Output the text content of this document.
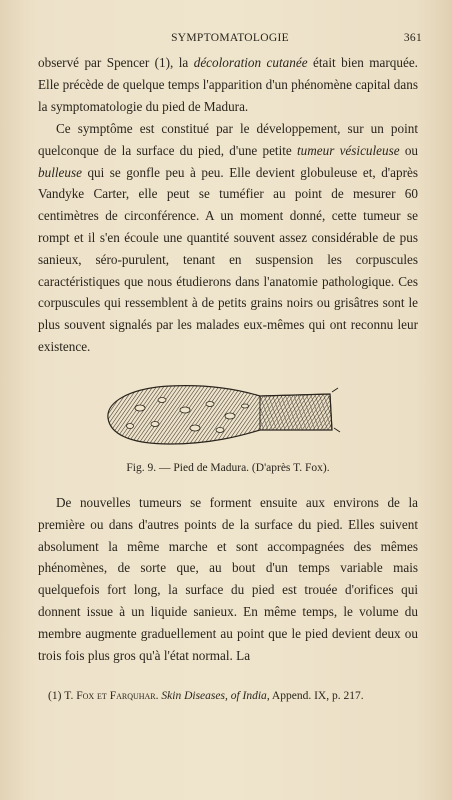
SYMPTOMATOLOGIE	361

observé par Spencer (1), la décoloration cutanée était bien marquée. Elle précède de quelque temps l'apparition d'un phénomène capital dans la symptomatologie du pied de Madura.

Ce symptôme est constitué par le développement, sur un point quelconque de la surface du pied, d'une petite tumeur vésiculeuse ou bulleuse qui se gonfle peu à peu. Elle devient globuleuse et, d'après Vandyke Carter, elle peut se tuméfier au point de mesurer 60 centimètres de circonférence. A un moment donné, cette tumeur se rompt et il s'en écoule une quantité souvent assez considérable de pus sanieux, séro-purulent, tenant en suspension les corpuscules caractéristiques que nous étudierons dans l'anatomie pathologique. Ces corpuscules qui ressemblent à de petits grains noirs ou grisâtres sont le plus souvent signalés par les malades eux-mêmes qui ont reconnu leur existence.

Fig. 9. — Pied de Madura. (D'après T. Fox).

De nouvelles tumeurs se forment ensuite aux environs de la première ou dans d'autres points de la surface du pied. Elles suivent absolument la même marche et sont accompagnées des mêmes phénomènes, de sorte que, au bout d'un temps variable mais quelquefois fort long, la surface du pied est trouée d'orifices qui donnent issue à un liquide sanieux. En même temps, le volume du membre augmente graduellement au point que le pied devient deux ou trois fois plus gros qu'à l'état normal. La

(1) T. Fox et Farquhar. Skin Diseases, of India, Append. IX, p. 217.
